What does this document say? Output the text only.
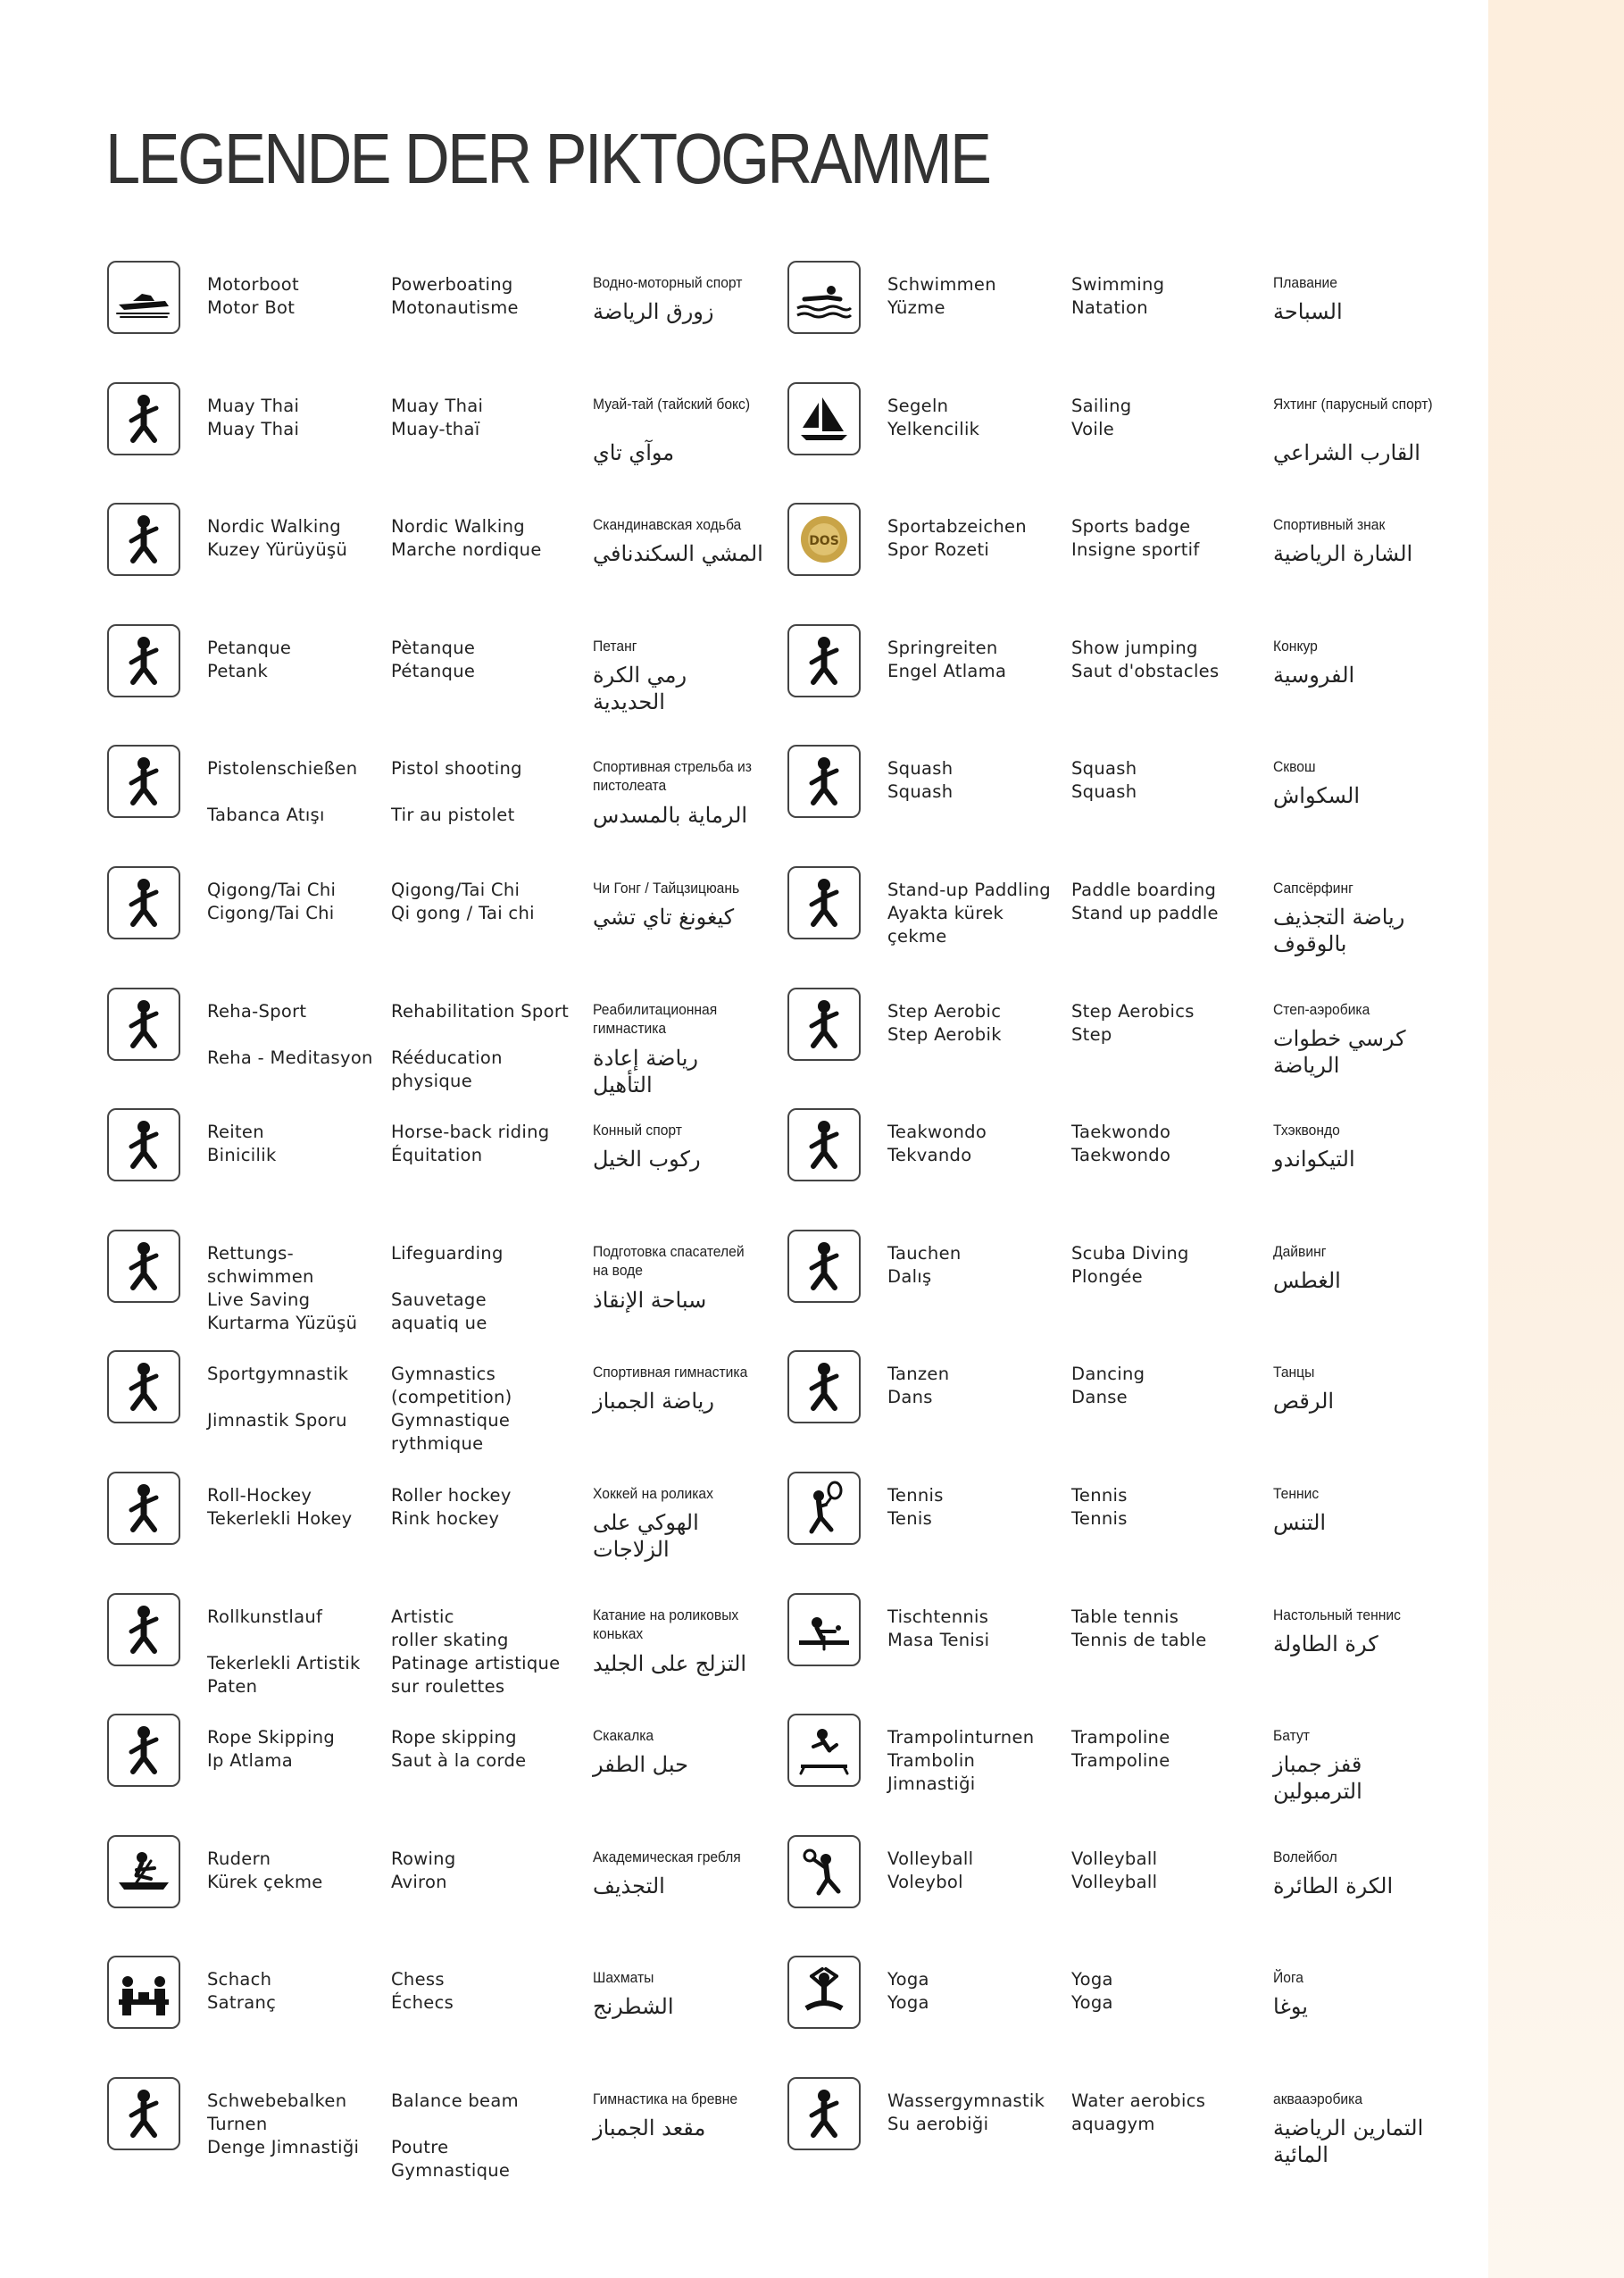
LEGENDE DER PIKTOGRAMME
Motorboot
Motor Bot
Powerboating
Motonautisme
Водно-моторный спорт
زورق الرياضة
Muay Thai
Muay Thai
Muay Thai
Muay-thaï
Муай-тай (тайский бокс)
موآي تاي
Nordic Walking
Kuzey Yürüyüşü
Nordic Walking
Marche nordique
Скандинавская ходьба
المشي السكندنافي
Petanque
Petank
Pètanque
Pétanque
Петанг
رمي الكرة الحديدية
Pistolenschießen

Tabanca Atışı
Pistol shooting

Tir au pistolet
Спортивная стрельба из пистолеата
الرماية بالمسدس
Qigong/Tai Chi
Cigong/Tai Chi
Qigong/Tai Chi
Qi gong / Tai chi
Чи Гонг / Тайцзицюань
كيغونغ تاي تشي
Reha-Sport

Reha - Meditasyon
Rehabilitation Sport

Rééducation
physique
Реабилитационная гимнастика
رياضة إعادة التأهيل
Reiten
Binicilik
Horse-back riding
Équitation
Конный спорт
ركوب الخيل
Rettungs-
schwimmen
Live Saving
Kurtarma Yüzüşü
Lifeguarding

Sauvetage
aquatiq ue
Подготовка спасателей на воде
سباحة الإنقاذ
Sportgymnastik

Jimnastik Sporu
Gymnastics
(competition)
Gymnastique
rythmique
Спортивная гимнастика
رياضة الجمباز
Roll-Hockey
Tekerlekli Hokey
Roller hockey
Rink hockey
Хоккей на роликах
الهوكي على الزلاجات
Rollkunstlauf

Tekerlekli Artistik
Paten
Artistic
roller skating
Patinage artistique
sur roulettes
Катание на роликовых коньках
التزلج على الجليد
Rope Skipping
Ip Atlama
Rope skipping
Saut à la corde
Скакалка
حبل الطفر
Rudern
Kürek çekme
Rowing
Aviron
Академическая гребля
التجذيف
Schach
Satranç
Chess
Échecs
Шахматы
الشطرنج
Schwebebalken
Turnen
Denge Jimnastiği
Balance beam

Poutre
Gymnastique
Гимнастика на бревне
مقعد الجمباز
Schwimmen
Yüzme
Swimming
Natation
Плавание
السباحة
Segeln
Yelkencilik
Sailing
Voile
Яхтинг (парусный спорт)
القارب الشراعي
DOS
Sportabzeichen
Spor Rozeti
Sports badge
Insigne sportif
Спортивный знак
الشارة الرياضية
Springreiten
Engel Atlama
Show jumping
Saut d'obstacles
Конкур
الفروسية
Squash
Squash
Squash
Squash
Сквош
السكواش
Stand-up Paddling
Ayakta kürek
çekme
Paddle boarding
Stand up paddle
Сапсёрфинг
رياضة التجذيف بالوقوف
Step Aerobic
Step Aerobik
Step Aerobics
Step
Степ-аэробика
كرسي خطوات الرياضة
Teakwondo
Tekvando
Taekwondo
Taekwondo
Тхэквондо
التيكواندو
Tauchen
Dalış
Scuba Diving
Plongée
Дайвинг
الغطس
Tanzen
Dans
Dancing
Danse
Танцы
الرقص
Tennis
Tenis
Tennis
Tennis
Теннис
التنس
Tischtennis
Masa Tenisi
Table tennis
Tennis de table
Настольный теннис
كرة الطاولة
Trampolinturnen
Trambolin
Jimnastiği
Trampoline
Trampoline
Батут
قفز جمباز الترمبولين
Volleyball
Voleybol
Volleyball
Volleyball
Волейбол
الكرة الطائرة
Yoga
Yoga
Yoga
Yoga
Йога
يوغا
Wassergymnastik
Su aerobiği
Water aerobics
aquagym
аквааэробика
التمارين الرياضية المائية
